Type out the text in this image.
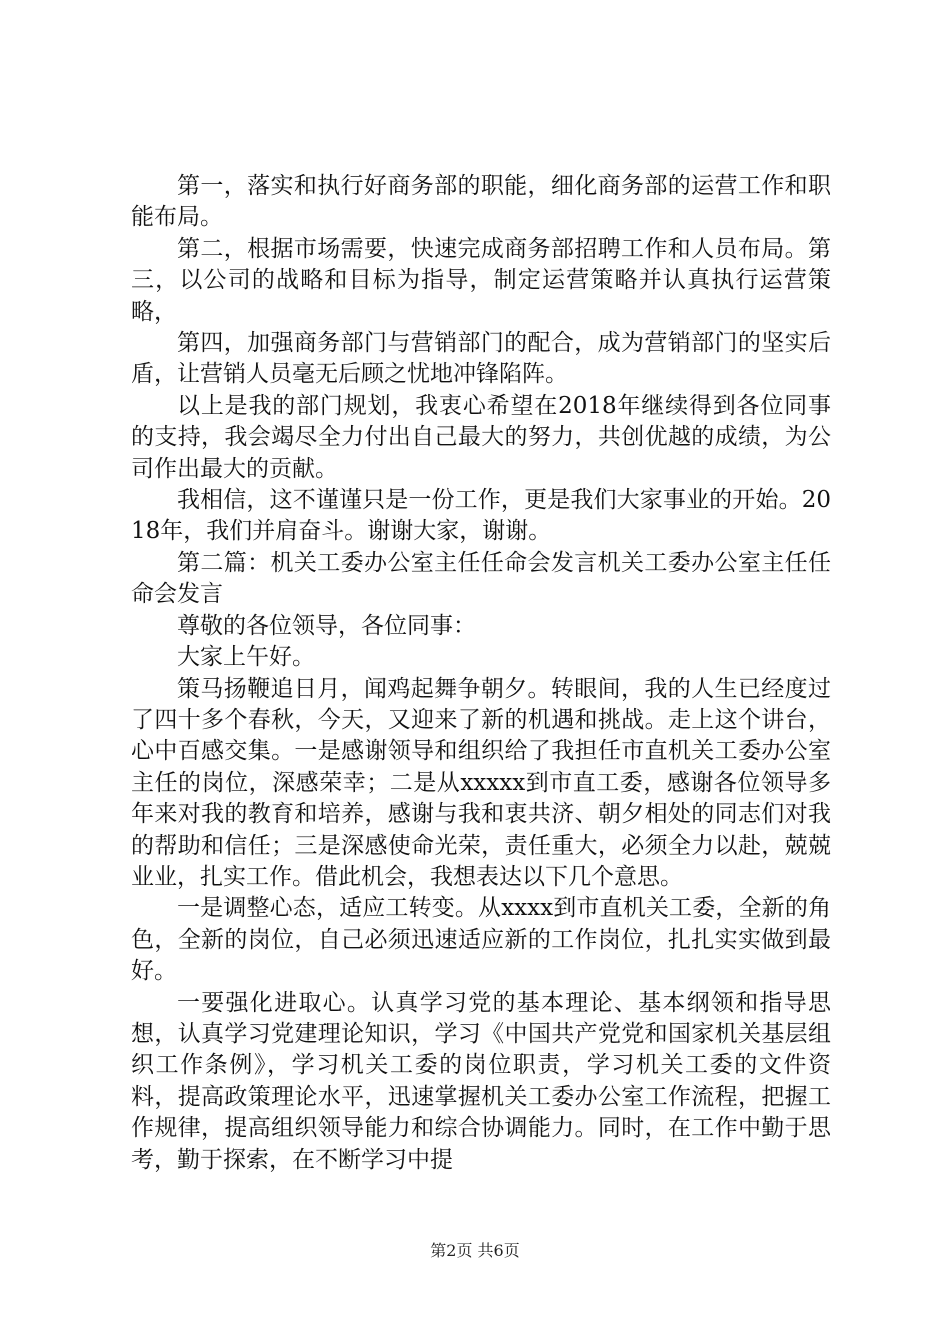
第一，落实和执行好商务部的职能，细化商务部的运营工作和职能布局。

第二，根据市场需要，快速完成商务部招聘工作和人员布局。第三，以公司的战略和目标为指导，制定运营策略并认真执行运营策略，

第四，加强商务部门与营销部门的配合，成为营销部门的坚实后盾，让营销人员毫无后顾之忧地冲锋陷阵。

以上是我的部门规划，我衷心希望在2018年继续得到各位同事的支持，我会竭尽全力付出自己最大的努力，共创优越的成绩，为公司作出最大的贡献。

我相信，这不谨谨只是一份工作，更是我们大家事业的开始。2018年，我们并肩奋斗。谢谢大家，谢谢。

第二篇：机关工委办公室主任任命会发言机关工委办公室主任任命会发言

尊敬的各位领导，各位同事：

大家上午好。

策马扬鞭追日月，闻鸡起舞争朝夕。转眼间，我的人生已经度过了四十多个春秋，今天，又迎来了新的机遇和挑战。走上这个讲台，心中百感交集。一是感谢领导和组织给了我担任市直机关工委办公室主任的岗位，深感荣幸；二是从xxxxx到市直工委，感谢各位领导多年来对我的教育和培养，感谢与我和衷共济、朝夕相处的同志们对我的帮助和信任；三是深感使命光荣，责任重大，必须全力以赴，兢兢业业，扎实工作。借此机会，我想表达以下几个意思。

一是调整心态，适应工转变。从xxxx到市直机关工委，全新的角色，全新的岗位，自己必须迅速适应新的工作岗位，扎扎实实做到最好。

一要强化进取心。认真学习党的基本理论、基本纲领和指导思想，认真学习党建理论知识，学习《中国共产党党和国家机关基层组织工作条例》，学习机关工委的岗位职责，学习机关工委的文件资料，提高政策理论水平，迅速掌握机关工委办公室工作流程，把握工作规律，提高组织领导能力和综合协调能力。同时，在工作中勤于思考，勤于探索，在不断学习中提

第2页 共6页
